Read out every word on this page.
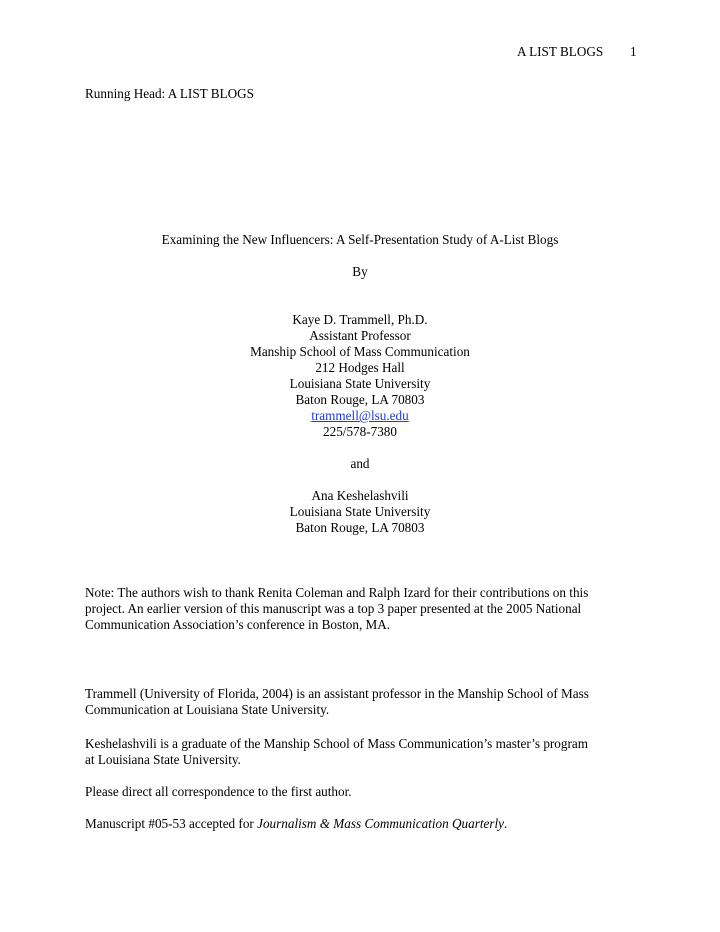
A LIST BLOGS 1
Running Head: A LIST BLOGS
Examining the New Influencers: A Self-Presentation Study of A-List Blogs
By
Kaye D. Trammell, Ph.D.
Assistant Professor
Manship School of Mass Communication
212 Hodges Hall
Louisiana State University
Baton Rouge, LA 70803
trammell@lsu.edu
225/578-7380
and
Ana Keshelashvili
Louisiana State University
Baton Rouge, LA 70803

Note: The authors wish to thank Renita Coleman and Ralph Izard for their contributions on this

project. An earlier version of this manuscript was a top 3 paper presented at the 2005 National

Communication Association’s conference in Boston, MA.

Trammell (University of Florida, 2004) is an assistant professor in the Manship School of Mass

Communication at Louisiana State University.

Keshelashvili is a graduate of the Manship School of Mass Communication’s master’s program

at Louisiana State University.

Please direct all correspondence to the first author.
Manuscript #05-53 accepted for Journalism & Mass Communication Quarterly.
